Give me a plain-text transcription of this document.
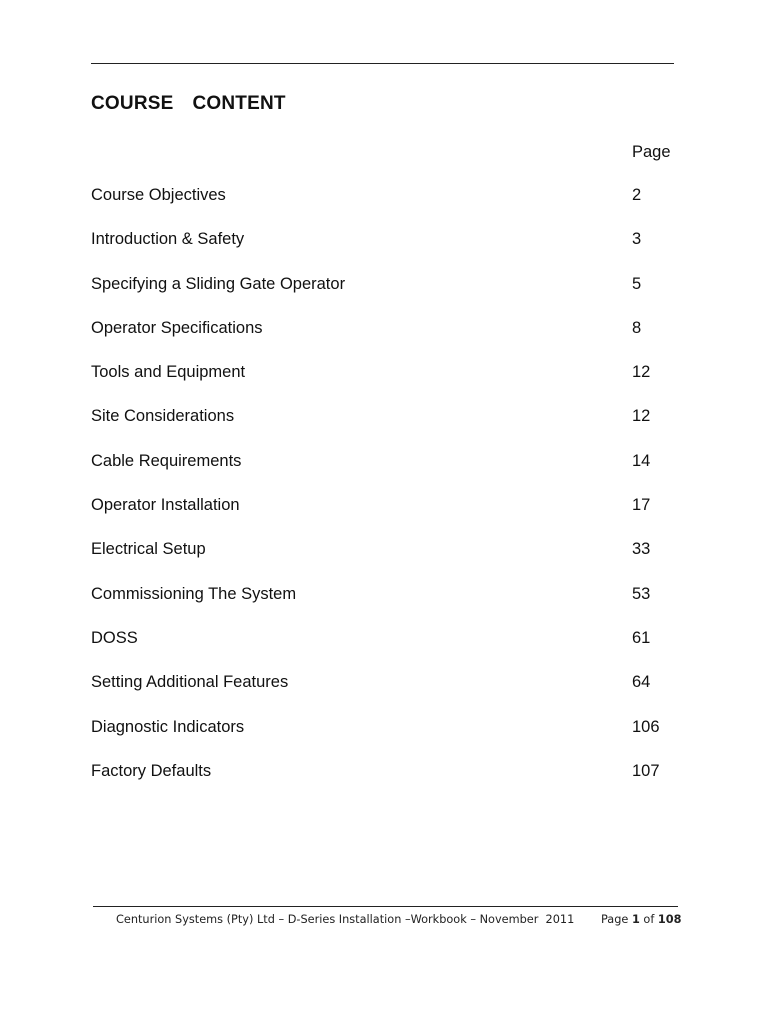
COURSE  CONTENT
Page
Course Objectives	2
Introduction & Safety	3
Specifying a Sliding Gate Operator	5
Operator Specifications	8
Tools and Equipment	12
Site Considerations	12
Cable Requirements	14
Operator Installation	17
Electrical Setup	33
Commissioning The System	53
DOSS	61
Setting Additional Features	64
Diagnostic Indicators	106
Factory Defaults	107
Centurion Systems (Pty) Ltd – D-Series Installation –Workbook – November  2011 Page 1 of 108
